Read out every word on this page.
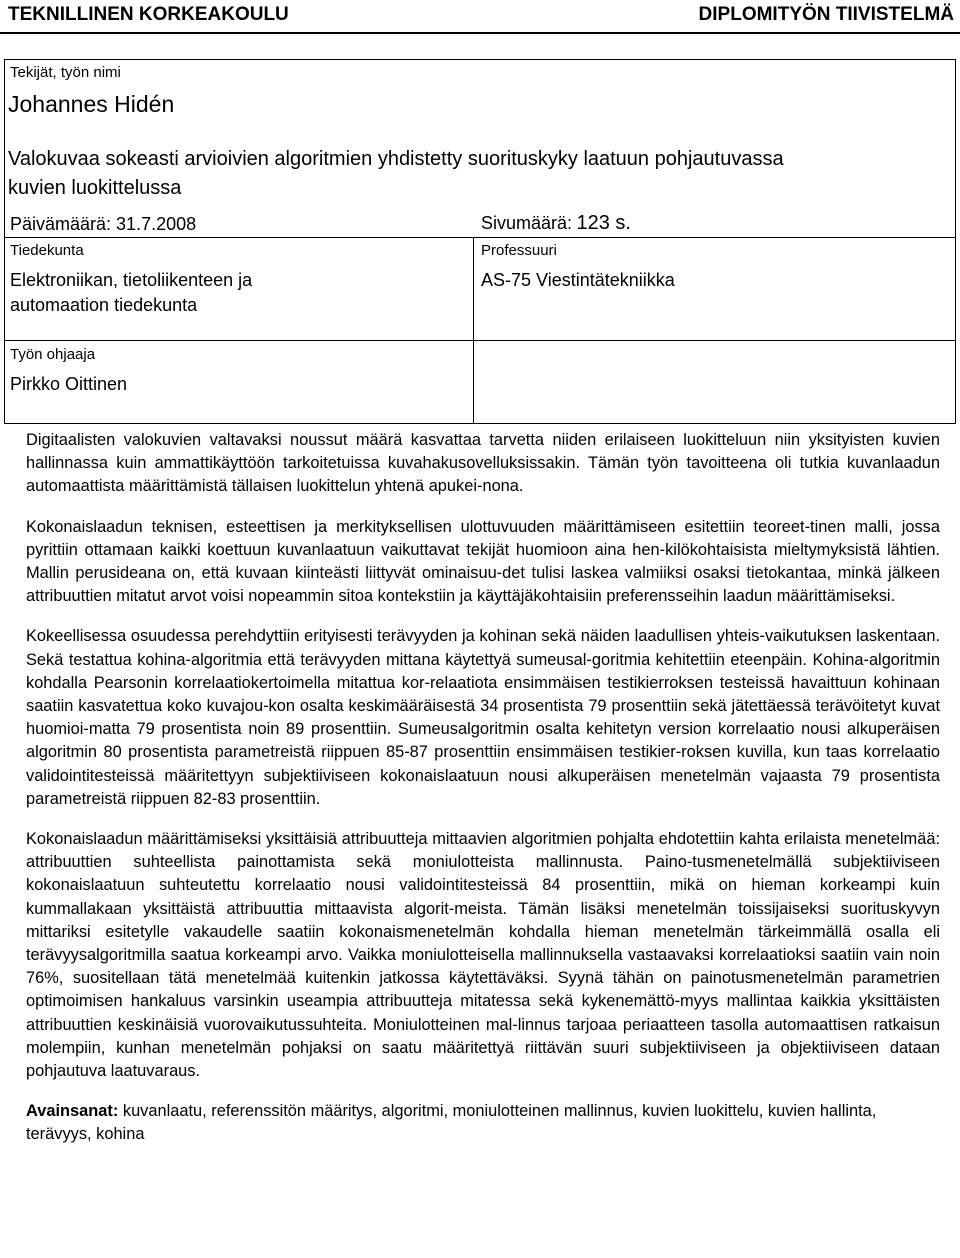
TEKNILLINEN KORKEAKOULU	DIPLOMITYÖN TIIVISTELMÄ
Tekijät, työn nimi
Johannes Hidén
Valokuvaa sokeasti arvioivien algoritmien yhdistetty suorituskyky laatuun pohjautuvassa
kuvien luokittelussa
Päivämäärä: 31.7.2008	Sivumäärä: 123 s.
Tiedekunta
Elektroniikan, tietoliikenteen ja
automaation tiedekunta
Professuuri
AS-75 Viestintätekniikka
Työn ohjaaja
Pirkko Oittinen

Digitaalisten valokuvien valtavaksi noussut määrä kasvattaa tarvetta niiden erilaiseen luokitteluun niin yksityisten kuvien hallinnassa kuin ammattikäyttöön tarkoitetuissa kuvahakusovelluksissakin. Tämän työn tavoitteena oli tutkia kuvanlaadun automaattista määrittämistä tällaisen luokittelun yhtenä apukei-nona.

Kokonaislaadun teknisen, esteettisen ja merkityksellisen ulottuvuuden määrittämiseen esitettiin teoreet-tinen malli, jossa pyrittiin ottamaan kaikki koettuun kuvanlaatuun vaikuttavat tekijät huomioon aina hen-kilökohtaisista mieltymyksistä lähtien. Mallin perusideana on, että kuvaan kiinteästi liittyvät ominaisuu-det tulisi laskea valmiiksi osaksi tietokantaa, minkä jälkeen attribuuttien mitatut arvot voisi nopeammin sitoa kontekstiin ja käyttäjäkohtaisiin preferensseihin laadun määrittämiseksi.

Kokeellisessa osuudessa perehdyttiin erityisesti terävyyden ja kohinan sekä näiden laadullisen yhteis-vaikutuksen laskentaan. Sekä testattua kohina-algoritmia että terävyyden mittana käytettyä sumeusal-goritmia kehitettiin eteenpäin. Kohina-algoritmin kohdalla Pearsonin korrelaatiokertoimella mitattua kor-relaatiota ensimmäisen testikierroksen testeissä havaittuun kohinaan saatiin kasvatettua koko kuvajou-kon osalta keskimääräisestä 34 prosentista 79 prosenttiin sekä jätettäessä terävöitetyt kuvat huomioi-matta 79 prosentista noin 89 prosenttiin. Sumeusalgoritmin osalta kehitetyn version korrelaatio nousi alkuperäisen algoritmin 80 prosentista parametreistä riippuen 85-87 prosenttiin ensimmäisen testikier-roksen kuvilla, kun taas korrelaatio validointitesteissä määritettyyn subjektiiviseen kokonaislaatuun nousi alkuperäisen menetelmän vajaasta 79 prosentista parametreistä riippuen 82-83 prosenttiin.

Kokonaislaadun määrittämiseksi yksittäisiä attribuutteja mittaavien algoritmien pohjalta ehdotettiin kahta erilaista menetelmää: attribuuttien suhteellista painottamista sekä moniulotteista mallinnusta. Paino-tusmenetelmällä subjektiiviseen kokonaislaatuun suhteutettu korrelaatio nousi validointitesteissä 84 prosenttiin, mikä on hieman korkeampi kuin kummallakaan yksittäistä attribuuttia mittaavista algorit-meista. Tämän lisäksi menetelmän toissijaiseksi suorituskyvyn mittariksi esitetylle vakaudelle saatiin kokonaismenetelmän kohdalla hieman menetelmän tärkeimmällä osalla eli terävyysalgoritmilla saatua korkeampi arvo. Vaikka moniulotteisella mallinnuksella vastaavaksi korrelaatioksi saatiin vain noin 76%, suositellaan tätä menetelmää kuitenkin jatkossa käytettäväksi. Syynä tähän on painotusmenetelmän parametrien optimoimisen hankaluus varsinkin useampia attribuutteja mitatessa sekä kykenemättö-myys mallintaa kaikkia yksittäisten attribuuttien keskinäisiä vuorovaikutussuhteita. Moniulotteinen mal-linnus tarjoaa periaatteen tasolla automaattisen ratkaisun molempiin, kunhan menetelmän pohjaksi on saatu määritettyä riittävän suuri subjektiiviseen ja objektiiviseen dataan pohjautuva laatuvaraus.

Avainsanat: kuvanlaatu, referenssitön määritys, algoritmi, moniulotteinen mallinnus, kuvien luokittelu, kuvien hallinta, terävyys, kohina
